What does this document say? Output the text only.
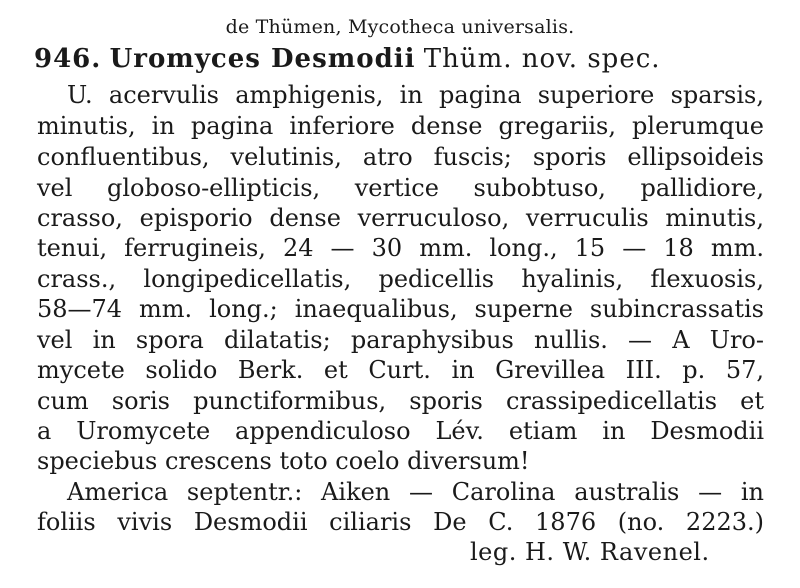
de Thümen, Mycotheca universalis.
946. Uromyces Desmodii Thüm. nov. spec.
U. acervulis amphigenis, in pagina superiore sparsis,
minutis, in pagina inferiore dense gregariis, plerumque
confluentibus, velutinis, atro fuscis; sporis ellipsoideis
vel globoso-ellipticis, vertice subobtuso, pallidiore,
crasso, episporio dense verruculoso, verruculis minutis,
tenui, ferrugineis, 24 — 30 mm. long., 15 — 18 mm.
crass., longipedicellatis, pedicellis hyalinis, flexuosis,
58—74 mm. long.; inaequalibus, superne subincrassatis
vel in spora dilatatis; paraphysibus nullis. — A Uro-
mycete solido Berk. et Curt. in Grevillea III. p. 57,
cum soris punctiformibus, sporis crassipedicellatis et
a Uromycete appendiculoso Lév. etiam in Desmodii
speciebus crescens toto coelo diversum!
America septentr.: Aiken — Carolina australis — in
foliis vivis Desmodii ciliaris De C. 1876 (no. 2223.)
leg. H. W. Ravenel.
